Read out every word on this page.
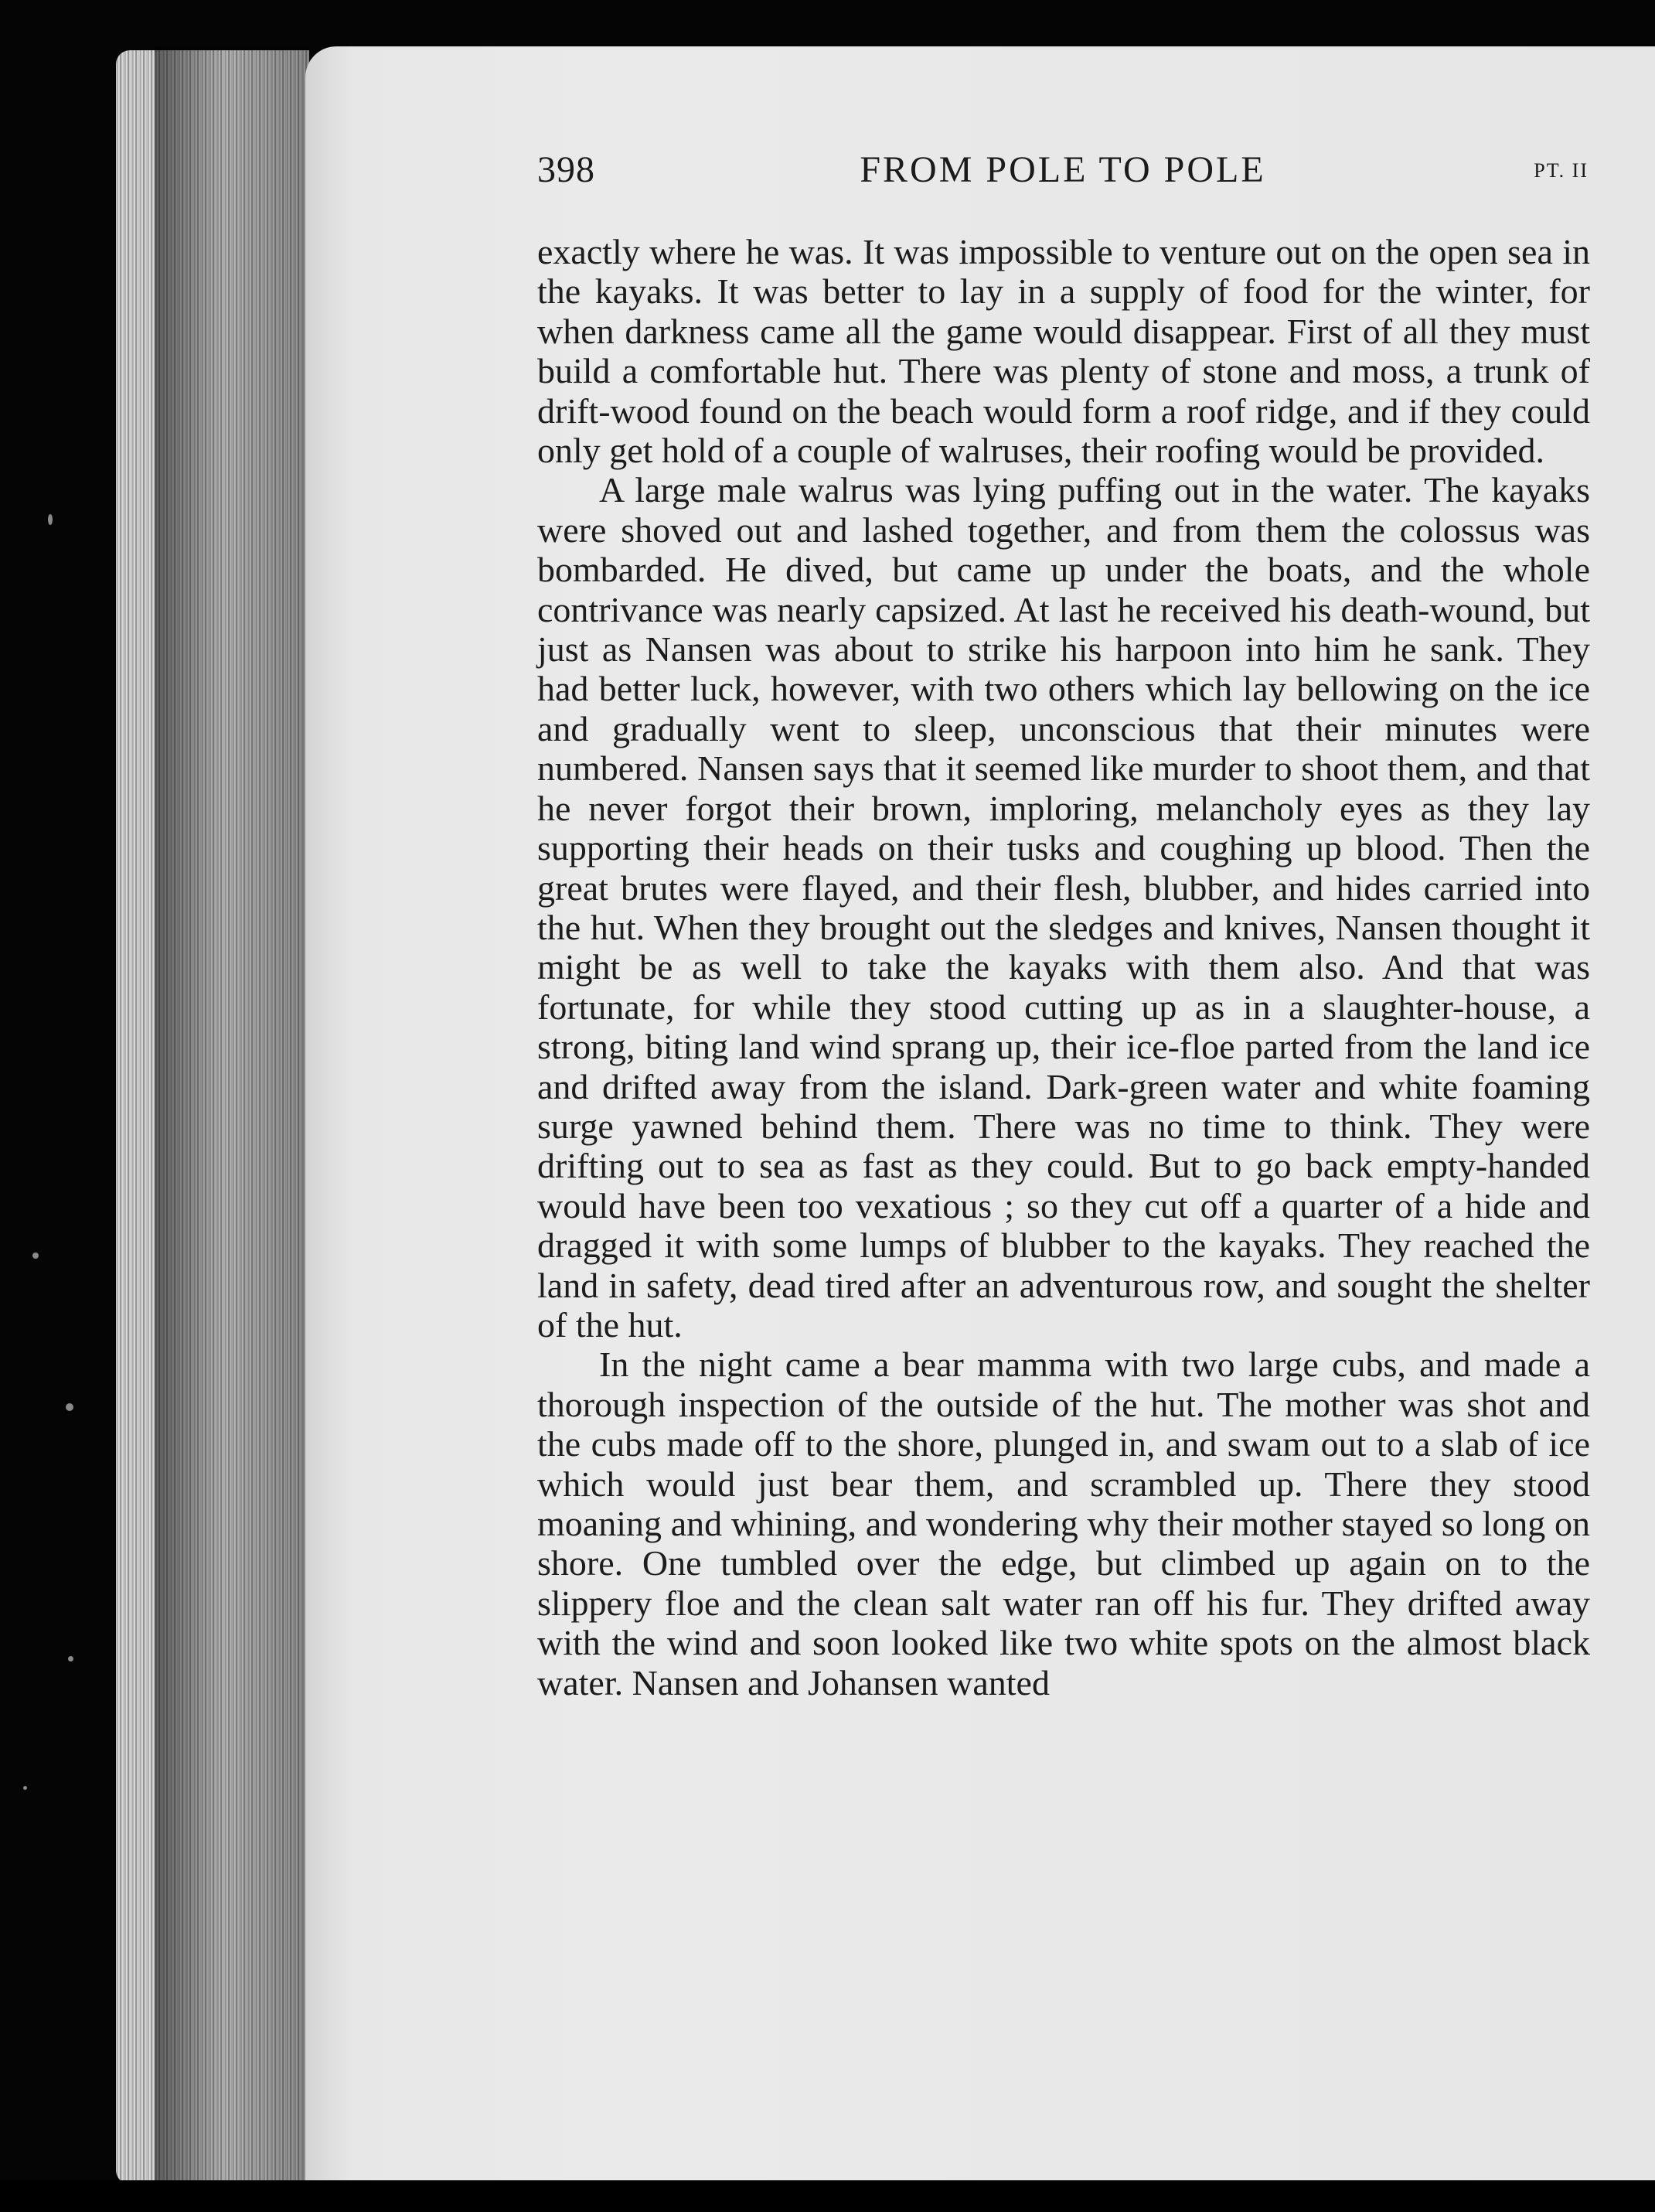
398	FROM POLE TO POLE	PT. II

exactly where he was. It was impossible to venture out on the open sea in the kayaks. It was better to lay in a supply of food for the winter, for when darkness came all the game would disappear. First of all they must build a comfortable hut. There was plenty of stone and moss, a trunk of drift-wood found on the beach would form a roof ridge, and if they could only get hold of a couple of walruses, their roofing would be provided.

A large male walrus was lying puffing out in the water. The kayaks were shoved out and lashed together, and from them the colossus was bombarded. He dived, but came up under the boats, and the whole contrivance was nearly capsized. At last he received his death-wound, but just as Nansen was about to strike his harpoon into him he sank. They had better luck, however, with two others which lay bellowing on the ice and gradually went to sleep, unconscious that their minutes were numbered. Nansen says that it seemed like murder to shoot them, and that he never forgot their brown, imploring, melancholy eyes as they lay supporting their heads on their tusks and coughing up blood. Then the great brutes were flayed, and their flesh, blubber, and hides carried into the hut. When they brought out the sledges and knives, Nansen thought it might be as well to take the kayaks with them also. And that was fortunate, for while they stood cutting up as in a slaughter-house, a strong, biting land wind sprang up, their ice-floe parted from the land ice and drifted away from the island. Dark-green water and white foaming surge yawned behind them. There was no time to think. They were drifting out to sea as fast as they could. But to go back empty-handed would have been too vexatious ; so they cut off a quarter of a hide and dragged it with some lumps of blubber to the kayaks. They reached the land in safety, dead tired after an adventurous row, and sought the shelter of the hut.

In the night came a bear mamma with two large cubs, and made a thorough inspection of the outside of the hut. The mother was shot and the cubs made off to the shore, plunged in, and swam out to a slab of ice which would just bear them, and scrambled up. There they stood moaning and whining, and wondering why their mother stayed so long on shore. One tumbled over the edge, but climbed up again on to the slippery floe and the clean salt water ran off his fur. They drifted away with the wind and soon looked like two white spots on the almost black water. Nansen and Johansen wanted
